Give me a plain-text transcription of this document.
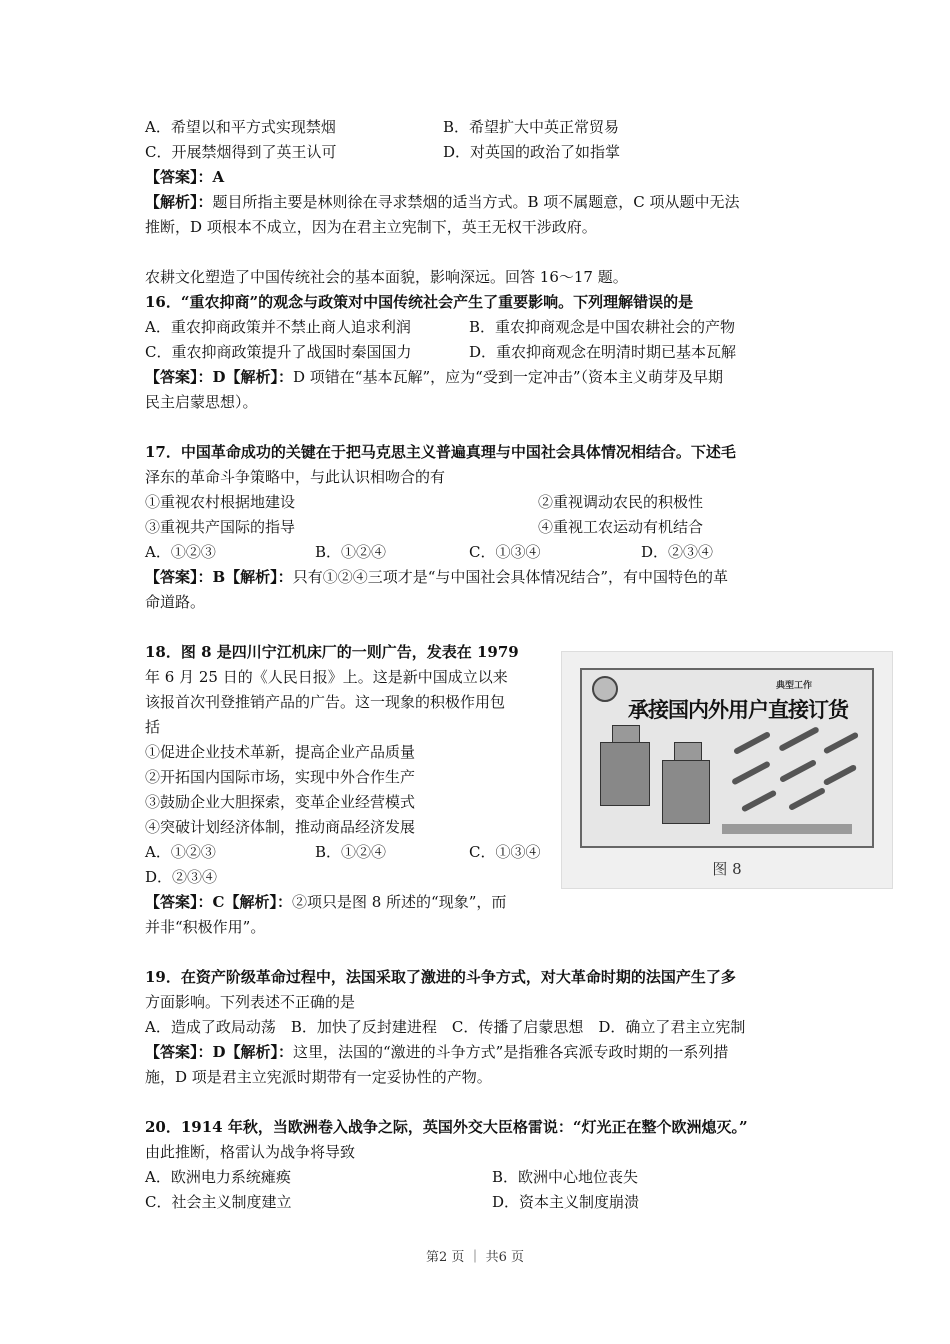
A．希望以和平方式实现禁烟	B．希望扩大中英正常贸易
C．开展禁烟得到了英王认可	D．对英国的政治了如指掌
【答案】：A
【解析】：题目所指主要是林则徐在寻求禁烟的适当方式。B 项不属题意，C 项从题中无法
推断，D 项根本不成立，因为在君主立宪制下，英王无权干涉政府。
农耕文化塑造了中国传统社会的基本面貌，影响深远。回答 16～17 题。
16．“重农抑商”的观念与政策对中国传统社会产生了重要影响。下列理解错误的是
A．重农抑商政策并不禁止商人追求利润	B．重农抑商观念是中国农耕社会的产物
C．重农抑商政策提升了战国时秦国国力	D．重农抑商观念在明清时期已基本瓦解
【答案】：D【解析】：D 项错在“基本瓦解”，应为“受到一定冲击”（资本主义萌芽及早期
民主启蒙思想）。
17．中国革命成功的关键在于把马克思主义普遍真理与中国社会具体情况相结合。下述毛
泽东的革命斗争策略中，与此认识相吻合的有
①重视农村根据地建设	②重视调动农民的积极性
③重视共产国际的指导	④重视工农运动有机结合
A．①②③	B．①②④	C．①③④	D．②③④
【答案】：B【解析】：只有①②④三项才是“与中国社会具体情况结合”，有中国特色的革
命道路。
18．图 8 是四川宁江机床厂的一则广告，发表在 1979
年 6 月 25 日的《人民日报》上。这是新中国成立以来
该报首次刊登推销产品的广告。这一现象的积极作用包
括
①促进企业技术革新，提高企业产品质量
②开拓国内国际市场，实现中外合作生产
③鼓励企业大胆探索，变革企业经营模式
④突破计划经济体制，推动商品经济发展
A．①②③	B．①②④	C．①③④
D．②③④
【答案】：C【解析】：②项只是图 8 所述的“现象”，而
并非“积极作用”。
典型工作
承接国内外用户直接订货
图 8
19．在资产阶级革命过程中，法国采取了激进的斗争方式，对大革命时期的法国产生了多
方面影响。下列表述不正确的是
A．造成了政局动荡　B．加快了反封建进程　C．传播了启蒙思想　D．确立了君主立宪制
【答案】：D【解析】：这里，法国的“激进的斗争方式”是指雅各宾派专政时期的一系列措
施，D 项是君主立宪派时期带有一定妥协性的产物。
20．1914 年秋，当欧洲卷入战争之际，英国外交大臣格雷说：“灯光正在整个欧洲熄灭。”
由此推断，格雷认为战争将导致
A．欧洲电力系统瘫痪	B．欧洲中心地位丧失
C．社会主义制度建立	D．资本主义制度崩溃
第2 页 ｜ 共6 页
